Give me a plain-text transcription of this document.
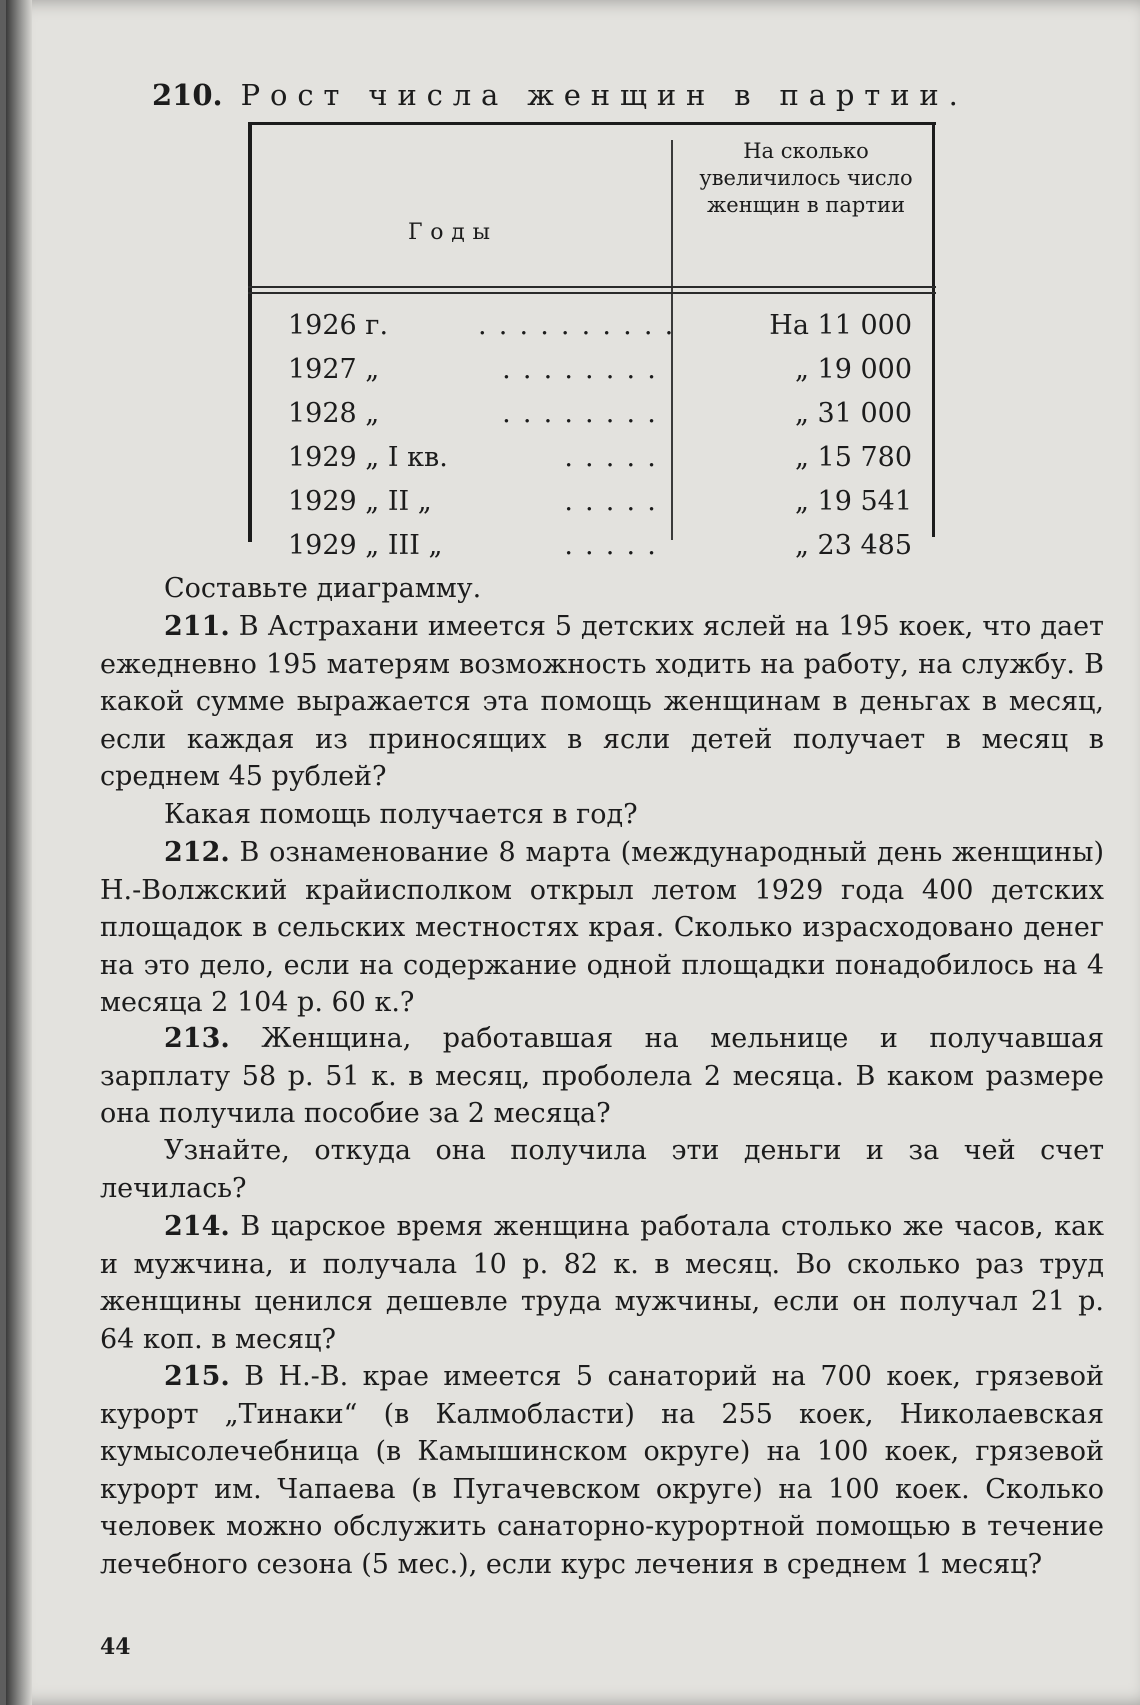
210. Рост числа женщин в партии.
Годы
На сколько увеличилось число женщин в партии
1926 г.	..........	На 11 000
1927 „	........	„ 19 000
1928 „	........	„ 31 000
1929 „ I кв.	.....	„ 15 780
1929 „ II „	.....	„ 19 541
1929 „ III „	.....	„ 23 485

Составьте диаграмму.

211. В Астрахани имеется 5 детских яслей на 195 коек, что дает ежедневно 195 матерям возможность ходить на работу, на службу. В какой сумме выражается эта помощь женщинам в деньгах в месяц, если каждая из приносящих в ясли детей получает в месяц в среднем 45 рублей?

Какая помощь получается в год?

212. В ознаменование 8 марта (международный день женщины) Н.-Волжский крайисполком открыл летом 1929 года 400 детских площадок в сельских местностях края. Сколько израсходовано денег на это дело, если на содержание одной площадки понадобилось на 4 месяца 2 104 р. 60 к.?

213. Женщина, работавшая на мельнице и получавшая зарплату 58 р. 51 к. в месяц, проболела 2 месяца. В каком размере она получила пособие за 2 месяца?

Узнайте, откуда она получила эти деньги и за чей счет лечилась?

214. В царское время женщина работала столько же часов, как и мужчина, и получала 10 р. 82 к. в месяц. Во сколько раз труд женщины ценился дешевле труда мужчины, если он получал 21 р. 64 коп. в месяц?

215. В Н.-В. крае имеется 5 санаторий на 700 коек, грязевой курорт „Тинаки“ (в Калмобласти) на 255 коек, Николаевская кумысолечебница (в Камышинском округе) на 100 коек, грязевой курорт им. Чапаева (в Пугачевском округе) на 100 коек. Сколько человек можно обслужить санаторно-курортной помощью в течение лечебного сезона (5 мес.), если курс лечения в среднем 1 месяц?

44
